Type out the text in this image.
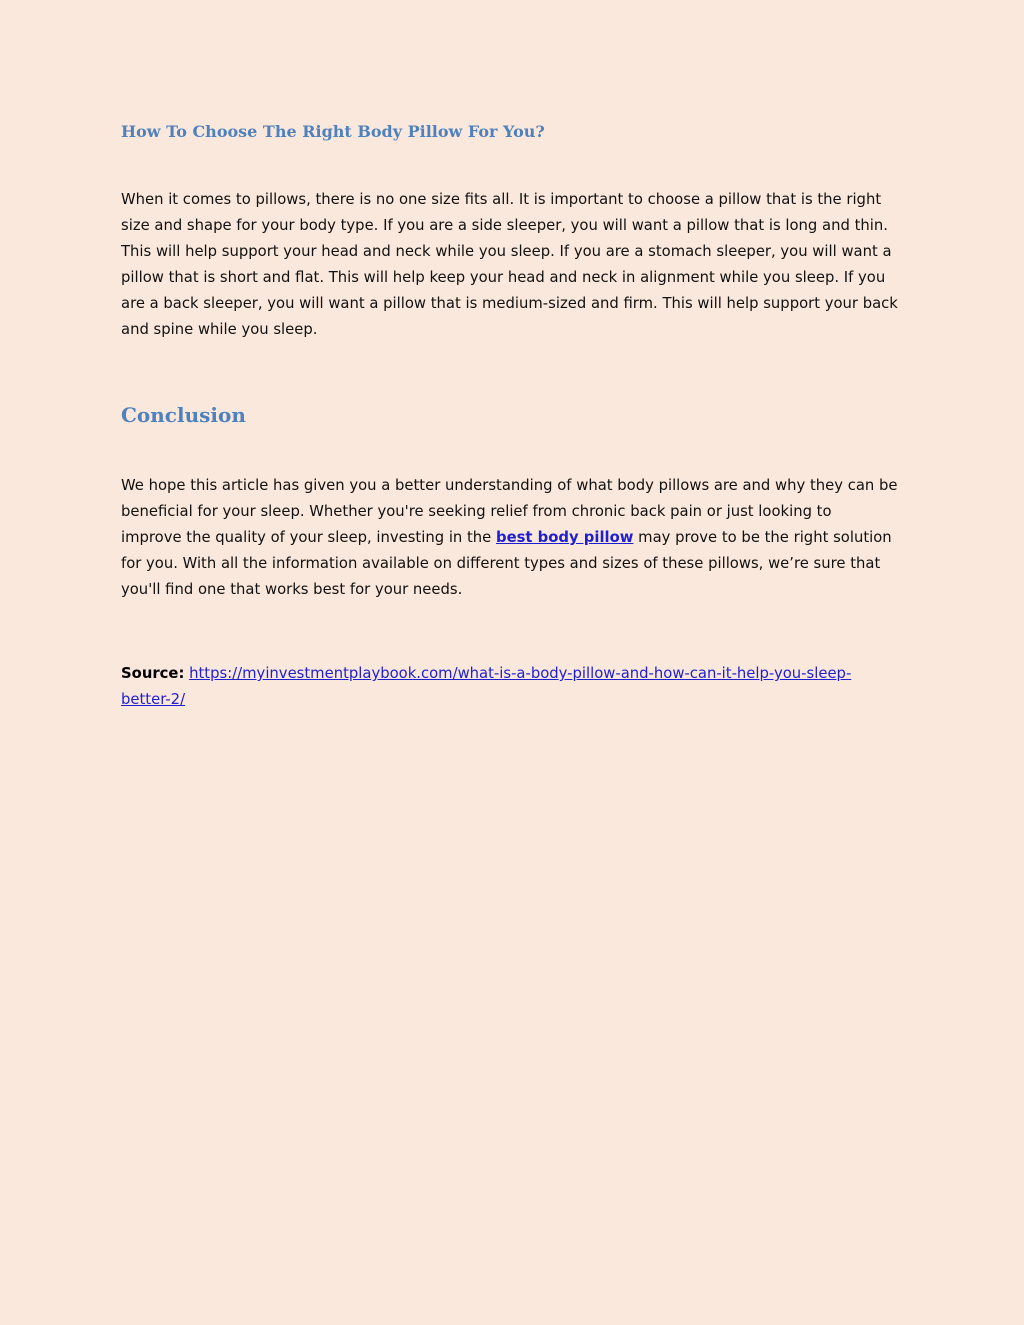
How To Choose The Right Body Pillow For You?

When it comes to pillows, there is no one size fits all. It is important to choose a pillow that is the right
size and shape for your body type. If you are a side sleeper, you will want a pillow that is long and thin.
This will help support your head and neck while you sleep. If you are a stomach sleeper, you will want a
pillow that is short and flat. This will help keep your head and neck in alignment while you sleep. If you
are a back sleeper, you will want a pillow that is medium-sized and firm. This will help support your back
and spine while you sleep.

Conclusion

We hope this article has given you a better understanding of what body pillows are and why they can be
beneficial for your sleep. Whether you're seeking relief from chronic back pain or just looking to
improve the quality of your sleep, investing in the best body pillow may prove to be the right solution
for you. With all the information available on different types and sizes of these pillows, we’re sure that
you'll find one that works best for your needs.

Source: https://myinvestmentplaybook.com/what-is-a-body-pillow-and-how-can-it-help-you-sleep-
better-2/
